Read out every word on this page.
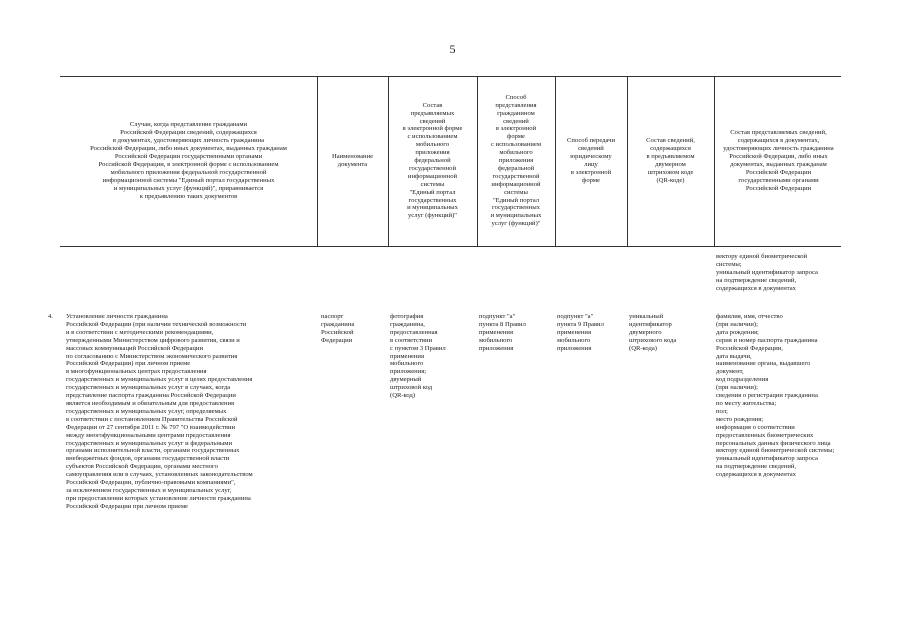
5
Случаи, когда представление гражданами
Российской Федерации сведений, содержащихся
в документах, удостоверяющих личность гражданина
Российской Федерации, либо иных документах, выданных гражданам
Российской Федерации государственными органами
Российской Федерации, в электронной форме с использованием
мобильного приложения федеральной государственной
информационной системы "Единый портал государственных
и муниципальных услуг (функций)", приравнивается
к предъявлению таких документов
Наименование
документа
Состав
предъявляемых
сведений
в электронной форме
с использованием
мобильного
приложения
федеральной
государственной
информационной
системы
"Единый портал
государственных
и муниципальных
услуг (функций)"
Способ
представления
гражданином
сведений
в электронной
форме
с использованием
мобильного
приложения
федеральной
государственной
информационной
системы
"Единый портал
государственных
и муниципальных
услуг (функций)"
Способ передачи
сведений
юридическому
лицу
в электронной
форме
Состав сведений,
содержащихся
в предъявляемом
двумерном
штриховом коде
(QR-коде)
Состав представляемых сведений,
содержащихся в документах,
удостоверяющих личность гражданина
Российской Федерации, либо иных
документах, выданных гражданам
Российской Федерации
государственными органами
Российской Федерации
вектору единой биометрической
системы;
уникальный идентификатор запроса
на подтверждение сведений,
содержащихся в документах
4.	Установление личности гражданина
Российской Федерации (при наличии технической возможности
и в соответствии с методическими рекомендациями,
утвержденными Министерством цифрового развития, связи и
массовых коммуникаций Российской Федерации
по согласованию с Министерством экономического развития
Российской Федерации) при личном приеме
в многофункциональных центрах предоставления
государственных и муниципальных услуг в целях предоставления
государственных и муниципальных услуг в случаях, когда
представление паспорта гражданина Российской Федерации
является необходимым и обязательным для предоставления
государственных и муниципальных услуг, определяемых
в соответствии с постановлением Правительства Российской
Федерации от 27 сентября 2011 г. № 797 "О взаимодействии
между многофункциональными центрами предоставления
государственных и муниципальных услуг и федеральными
органами исполнительной власти, органами государственных
внебюджетных фондов, органами государственной власти
субъектов Российской Федерации, органами местного
самоуправления или в случаях, установленных законодательством
Российской Федерации, публично-правовыми компаниями",
за исключением государственных и муниципальных услуг,
при предоставлении которых установление личности гражданина
Российской Федерации при личном приеме
паспорт
гражданина
Российской
Федерации
фотография
гражданина,
предоставленная
в соответствии
с пунктом 3 Правил
применения
мобильного
приложения;
двумерный
штриховой код
(QR-код)
подпункт "а"
пункта 8 Правил
применения
мобильного
приложения
подпункт "а"
пункта 9 Правил
применения
мобильного
приложения
уникальный
идентификатор
двумерного
штрихового кода
(QR-кода)
фамилия, имя, отчество
(при наличии);
дата рождения;
серия и номер паспорта гражданина
Российской Федерации,
дата выдачи,
наименование органа, выдавшего
документ,
код подразделения
(при наличии);
сведения о регистрации гражданина
по месту жительства;
пол;
место рождения;
информация о соответствии
предоставленных биометрических
персональных данных физического лица
вектору единой биометрической системы;
уникальный идентификатор запроса
на подтверждение сведений,
содержащихся в документах
